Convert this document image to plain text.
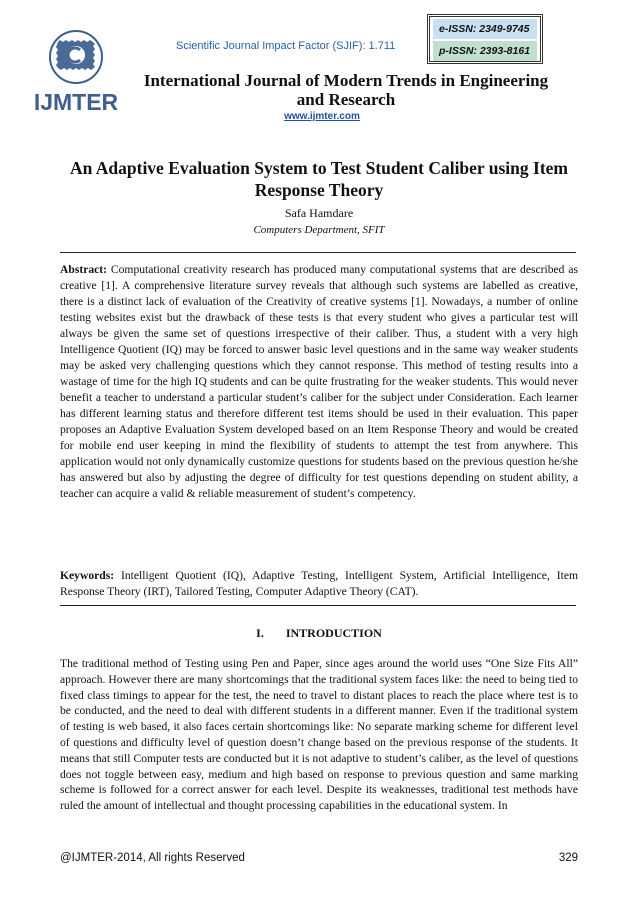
IJMTER
Scientific Journal Impact Factor (SJIF): 1.711
e-ISSN: 2349-9745
p-ISSN: 2393-8161
International Journal of Modern Trends in Engineering and Research
www.ijmter.com
An Adaptive Evaluation System to Test Student Caliber using Item Response Theory
Safa Hamdare
Computers Department, SFIT

Abstract: Computational creativity research has produced many computational systems that are described as creative [1]. A comprehensive literature survey reveals that although such systems are labelled as creative, there is a distinct lack of evaluation of the Creativity of creative systems [1]. Nowadays, a number of online testing websites exist but the drawback of these tests is that every student who gives a particular test will always be given the same set of questions irrespective of their caliber. Thus, a student with a very high Intelligence Quotient (IQ) may be forced to answer basic level questions and in the same way weaker students may be asked very challenging questions which they cannot response. This method of testing results into a wastage of time for the high IQ students and can be quite frustrating for the weaker students. This would never benefit a teacher to understand a particular student’s caliber for the subject under Consideration. Each learner has different learning status and therefore different test items should be used in their evaluation. This paper proposes an Adaptive Evaluation System developed based on an Item Response Theory and would be created for mobile end user keeping in mind the flexibility of students to attempt the test from anywhere. This application would not only dynamically customize questions for students based on the previous question he/she has answered but also by adjusting the degree of difficulty for test questions depending on student ability, a teacher can acquire a valid & reliable measurement of student’s competency.

Keywords: Intelligent Quotient (IQ), Adaptive Testing, Intelligent System, Artificial Intelligence, Item Response Theory (IRT), Tailored Testing, Computer Adaptive Theory (CAT).

I. INTRODUCTION

The traditional method of Testing using Pen and Paper, since ages around the world uses “One Size Fits All” approach. However there are many shortcomings that the traditional system faces like: the need to being tied to fixed class timings to appear for the test, the need to travel to distant places to reach the place where test is to be conducted, and the need to deal with different students in a different manner. Even if the traditional system of testing is web based, it also faces certain shortcomings like: No separate marking scheme for different level of questions and difficulty level of question doesn’t change based on the previous response of the students. It means that still Computer tests are conducted but it is not adaptive to student’s caliber, as the level of questions does not toggle between easy, medium and high based on response to previous question and same marking scheme is followed for a correct answer for each level. Despite its weaknesses, traditional test methods have ruled the amount of intellectual and thought processing capabilities in the educational system. In

@IJMTER-2014, All rights Reserved	329
